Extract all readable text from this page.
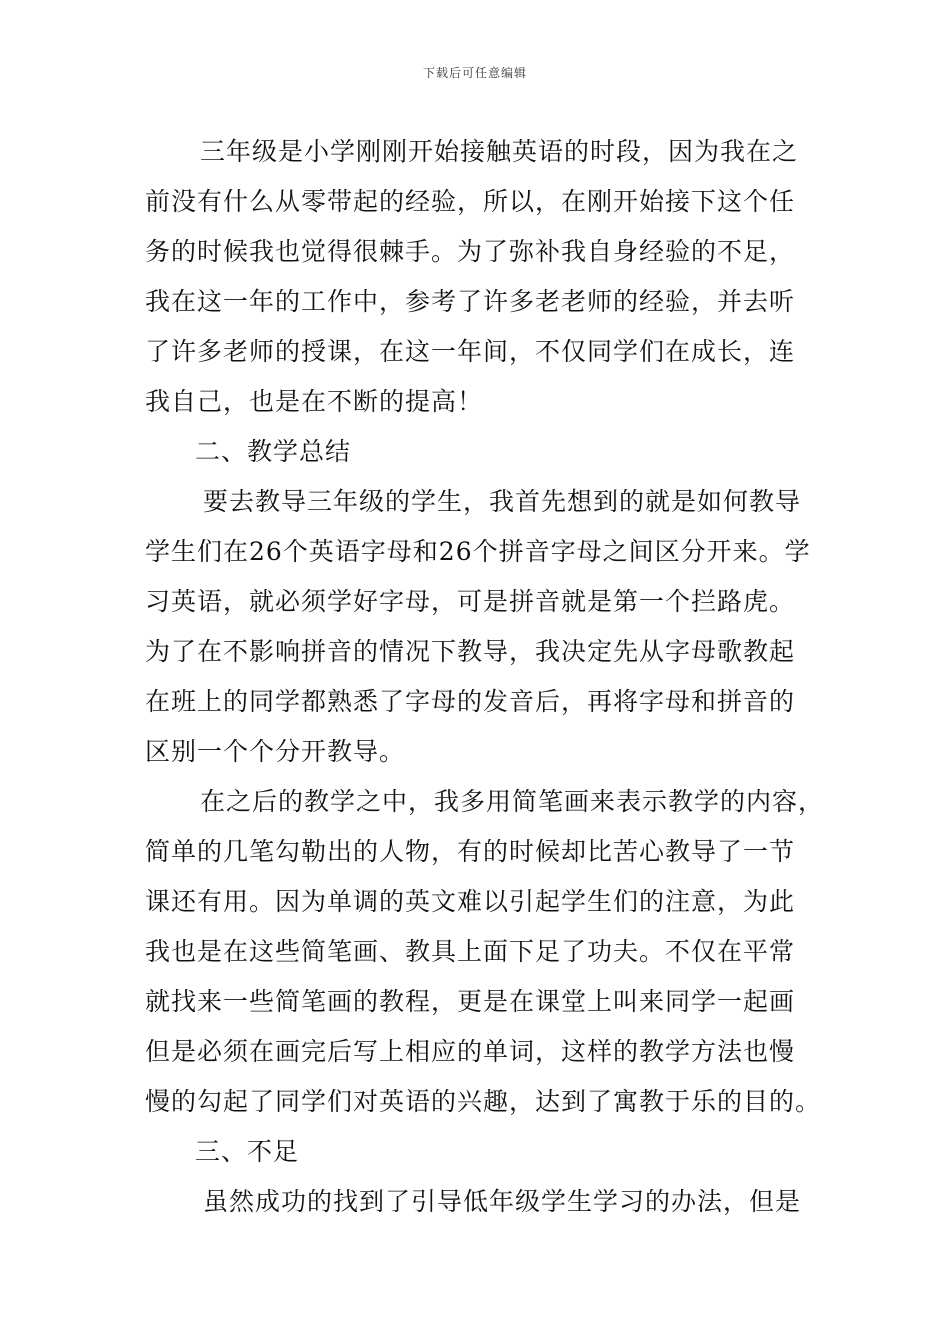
下载后可任意编辑
三年级是小学刚刚开始接触英语的时段，因为我在之
前没有什么从零带起的经验，所以，在刚开始接下这个任
务的时候我也觉得很棘手。为了弥补我自身经验的不足，
我在这一年的工作中，参考了许多老老师的经验，并去听
了许多老师的授课，在这一年间，不仅同学们在成长，连
我自己，也是在不断的提高！
二、教学总结
要去教导三年级的学生，我首先想到的就是如何教导
学生们在26个英语字母和26个拼音字母之间区分开来。学
习英语，就必须学好字母，可是拼音就是第一个拦路虎。
为了在不影响拼音的情况下教导，我决定先从字母歌教起
在班上的同学都熟悉了字母的发音后，再将字母和拼音的
区别一个个分开教导。
在之后的教学之中，我多用简笔画来表示教学的内容，
简单的几笔勾勒出的人物，有的时候却比苦心教导了一节
课还有用。因为单调的英文难以引起学生们的注意，为此
我也是在这些简笔画、教具上面下足了功夫。不仅在平常
就找来一些简笔画的教程，更是在课堂上叫来同学一起画
但是必须在画完后写上相应的单词，这样的教学方法也慢
慢的勾起了同学们对英语的兴趣，达到了寓教于乐的目的。
三、不足
虽然成功的找到了引导低年级学生学习的办法，但是
